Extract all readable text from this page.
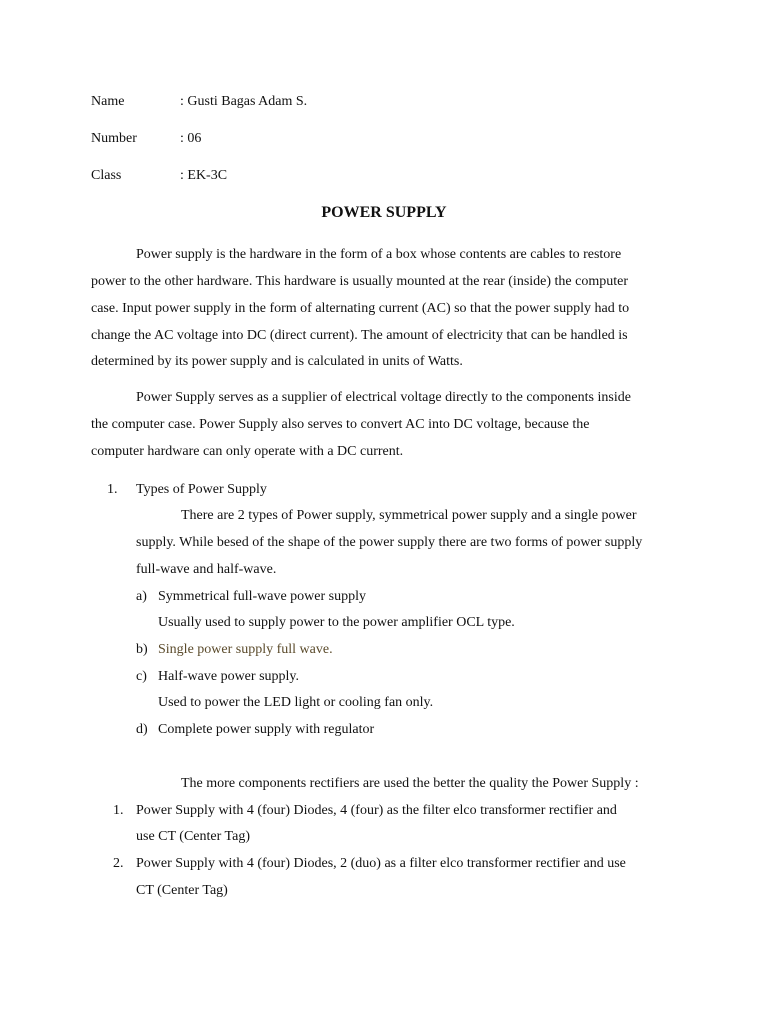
Name	: Gusti Bagas Adam S.
Number	: 06
Class	: EK-3C
POWER SUPPLY
Power supply is the hardware in the form of a box whose contents are cables to restore
power to the other hardware. This hardware is usually mounted at the rear (inside) the computer
case. Input power supply in the form of alternating current (AC) so that the power supply had to
change the AC voltage into DC (direct current). The amount of electricity that can be handled is
determined by its power supply and is calculated in units of Watts.
Power Supply serves as a supplier of electrical voltage directly to the components inside
the computer case. Power Supply also serves to convert AC into DC voltage, because the
computer hardware can only operate with a DC current.
1. Types of Power Supply
There are 2 types of Power supply, symmetrical power supply and a single power
supply. While besed of the shape of the power supply there are two forms of power supply
full-wave and half-wave.
a) Symmetrical full-wave power supply
Usually used to supply power to the power amplifier OCL type.
b) Single power supply full wave.
c) Half-wave power supply.
Used to power the LED light or cooling fan only.
d) Complete power supply with regulator
The more components rectifiers are used the better the quality the Power Supply :
1. Power Supply with 4 (four) Diodes, 4 (four) as the filter elco transformer rectifier and
use CT (Center Tag)
2. Power Supply with 4 (four) Diodes, 2 (duo) as a filter elco transformer rectifier and use
CT (Center Tag)
